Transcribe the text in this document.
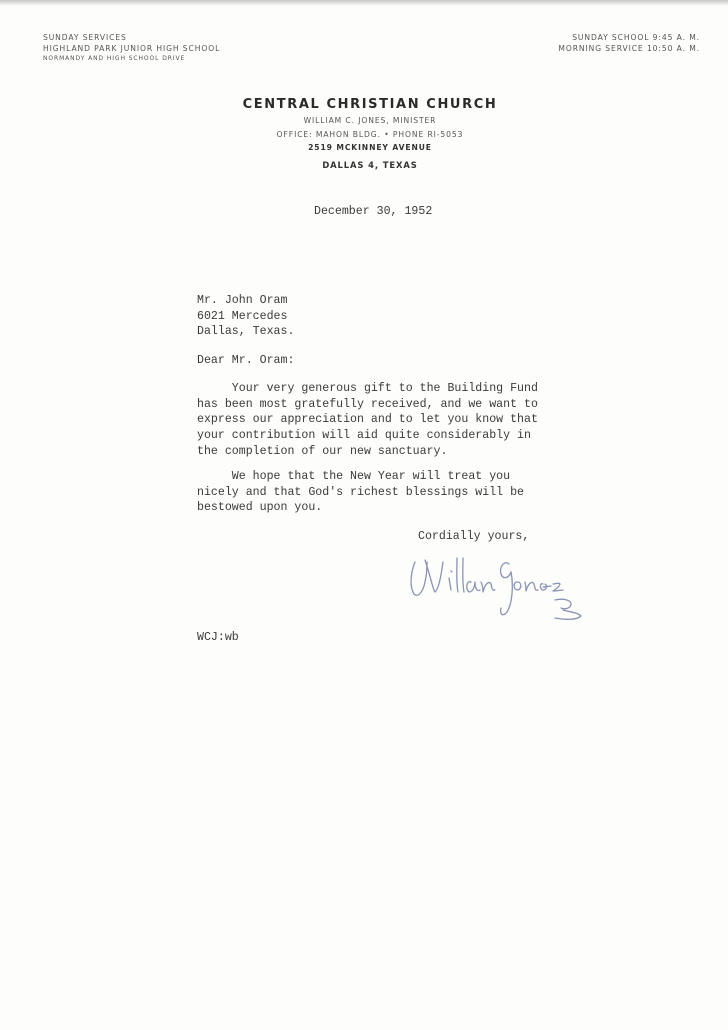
SUNDAY SERVICES
HIGHLAND PARK JUNIOR HIGH SCHOOL
NORMANDY AND HIGH SCHOOL DRIVE
SUNDAY SCHOOL 9:45 A. M.
MORNING SERVICE 10:50 A. M.
CENTRAL CHRISTIAN CHURCH
WILLIAM C. JONES, MINISTER
OFFICE: MAHON BLDG. • PHONE RI-5053
2519 MCKINNEY AVENUE
DALLAS 4, TEXAS
December 30, 1952
Mr. John Oram
6021 Mercedes
Dallas, Texas.
Dear Mr. Oram:
Your very generous gift to the Building Fund
has been most gratefully received, and we want to
express our appreciation and to let you know that
your contribution will aid quite considerably in
the completion of our new sanctuary.
We hope that the New Year will treat you
nicely and that God's richest blessings will be
bestowed upon you.
Cordially yours,
WCJ:wb
